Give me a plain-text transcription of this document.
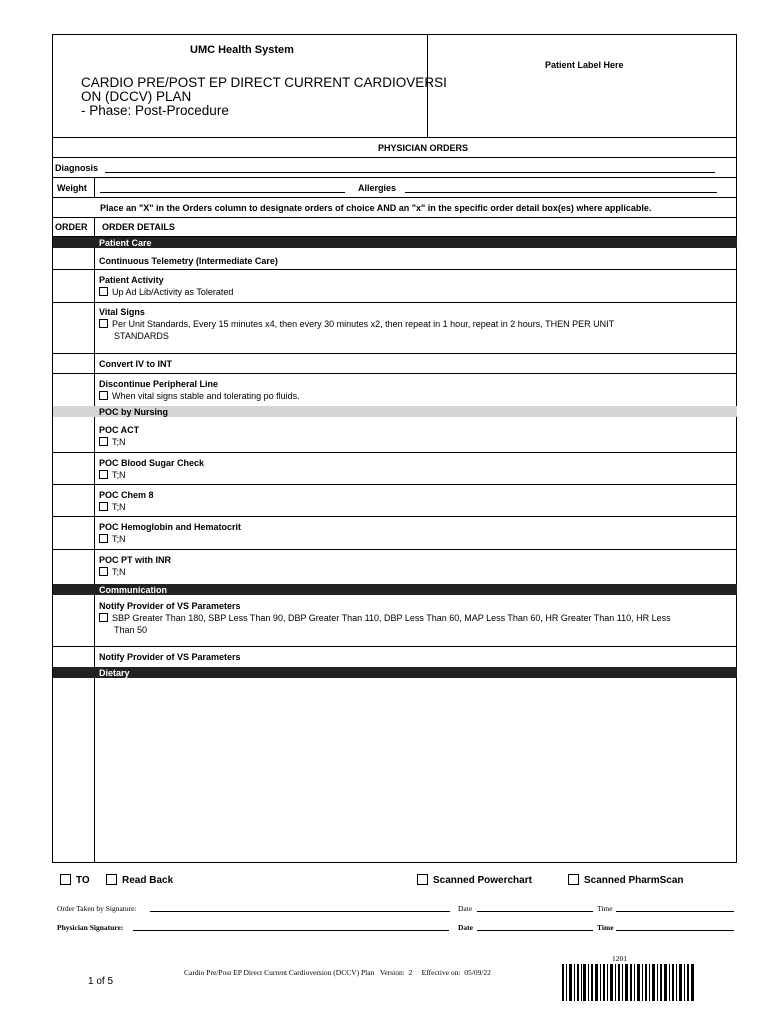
UMC Health System
CARDIO PRE/POST EP DIRECT CURRENT CARDIOVERSI
ON (DCCV) PLAN
- Phase: Post-Procedure
Patient Label Here
PHYSICIAN ORDERS
Diagnosis
Weight	Allergies
Place an "X" in the Orders column to designate orders of choice AND an "x" in the specific order detail box(es) where applicable.
ORDER ORDER DETAILS
Patient Care
Continuous Telemetry (Intermediate Care)
Patient Activity
Up Ad Lib/Activity as Tolerated
Vital Signs
Per Unit Standards, Every 15 minutes x4, then every 30 minutes x2, then repeat in 1 hour, repeat in 2 hours, THEN PER UNIT
STANDARDS
Convert IV to INT
Discontinue Peripheral Line
When vital signs stable and tolerating po fluids.
POC by Nursing
POC ACT
T;N
POC Blood Sugar Check
T;N
POC Chem 8
T;N
POC Hemoglobin and Hematocrit
T;N
POC PT with INR
T;N
Communication
Notify Provider of VS Parameters
SBP Greater Than 180, SBP Less Than 90, DBP Greater Than 110, DBP Less Than 60, MAP Less Than 60, HR Greater Than 110, HR Less
Than 50
Notify Provider of VS Parameters
Dietary
TO	Read Back	Scanned Powerchart	Scanned PharmScan
Order Taken by Signature:	Date	Time
Physician Signature:	Date	Time
1 of 5
Cardio Pre/Post EP Direct Current Cardioversion (DCCV) Plan   Version:  2     Effective on:  05/09/22
1201
